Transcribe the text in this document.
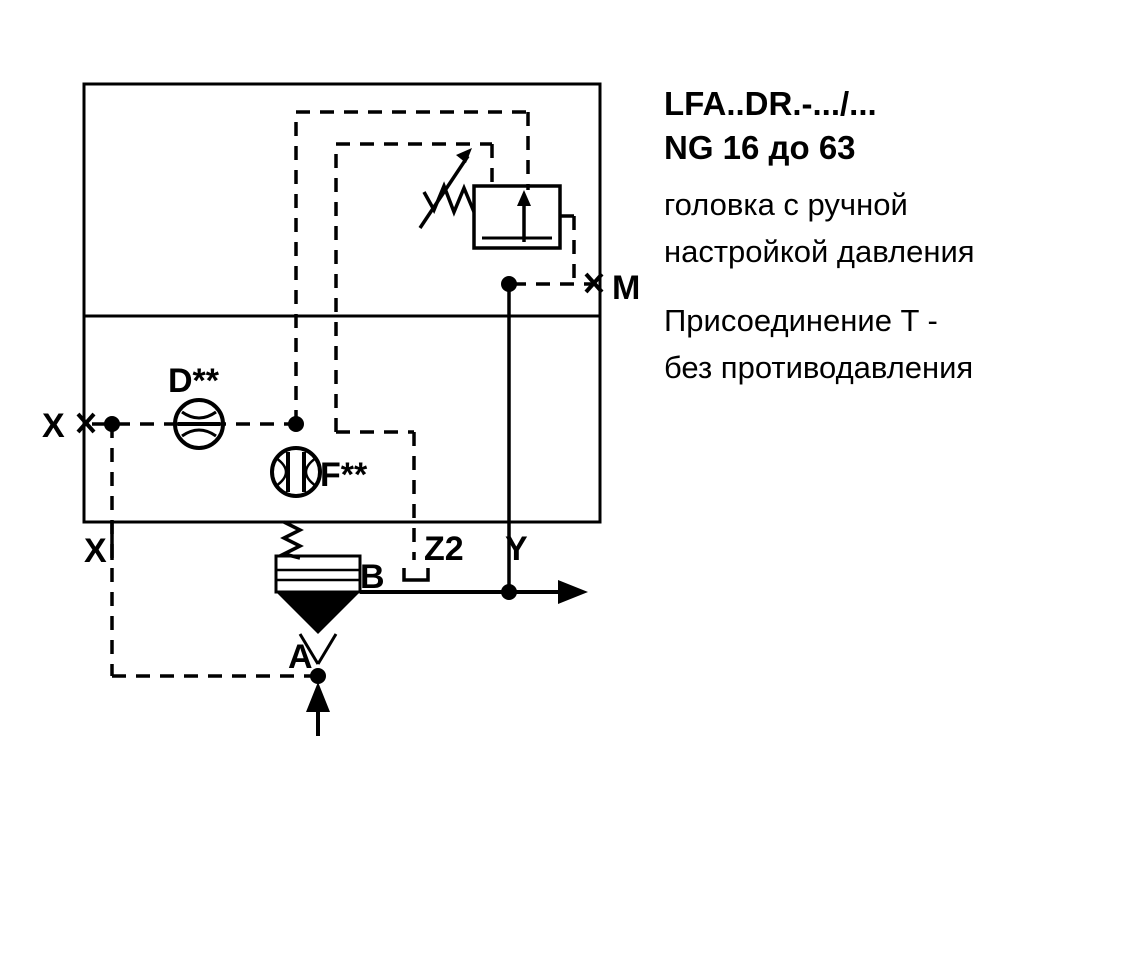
X
X
M
Y
Z2
A
B
D**
F**
LFA..DR.-.../...
NG 16 до 63
головка с ручной
настройкой давления
Присоединение T -
без противодавления
